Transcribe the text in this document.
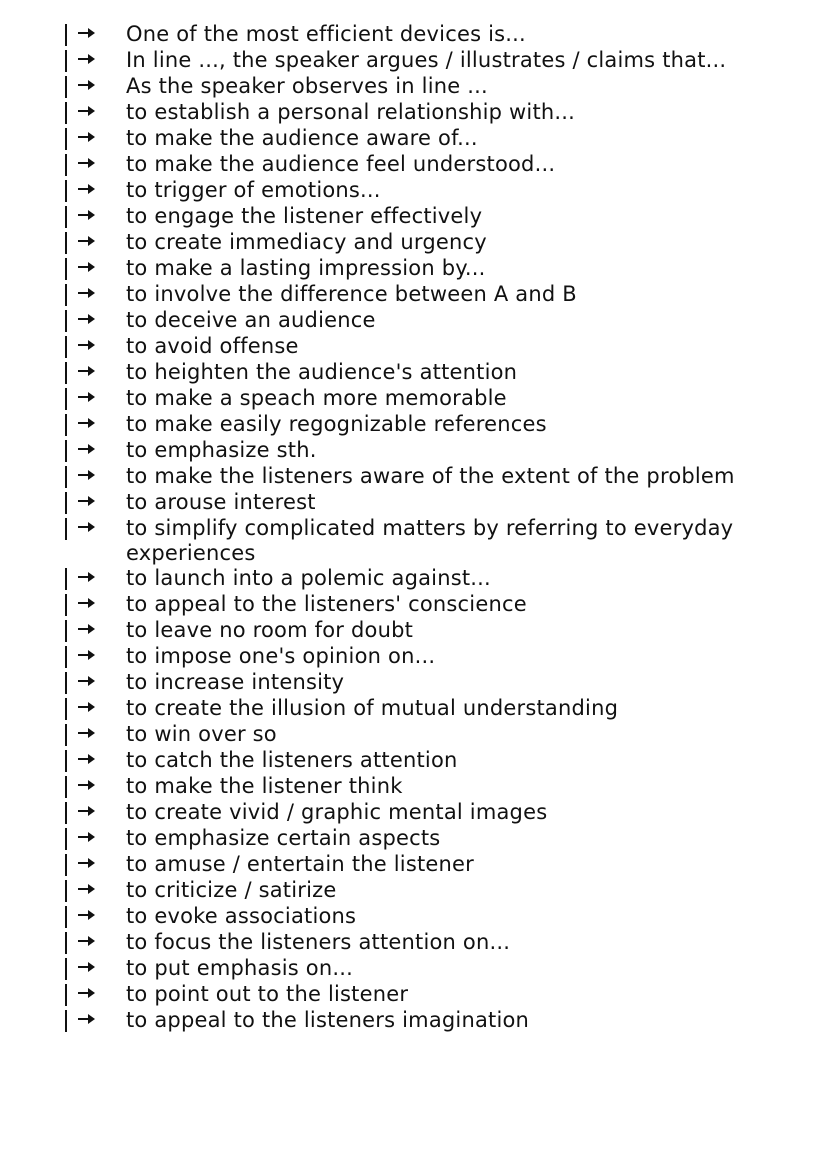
One of the most efficient devices is...
In line ..., the speaker argues / illustrates / claims that...
As the speaker observes in line ...
to establish a personal relationship with...
to make the audience aware of...
to make the audience feel understood...
to trigger of emotions...
to engage the listener effectively
to create immediacy and urgency
to make a lasting impression by...
to involve the difference between A and B
to deceive an audience
to avoid offense
to heighten the audience's attention
to make a speach more memorable
to make easily regognizable references
to emphasize sth.
to make the listeners aware of the extent of the problem
to arouse interest
to simplify complicated matters by referring to everyday experiences
to launch into a polemic against...
to appeal to the listeners' conscience
to leave no room for doubt
to impose one's opinion on...
to increase intensity
to create the illusion of mutual understanding
to win over so
to catch the listeners attention
to make the listener think
to create vivid / graphic mental images
to emphasize certain aspects
to amuse / entertain the listener
to criticize / satirize
to evoke associations
to focus the listeners attention on...
to put emphasis on...
to point out to the listener
to appeal to the listeners imagination
